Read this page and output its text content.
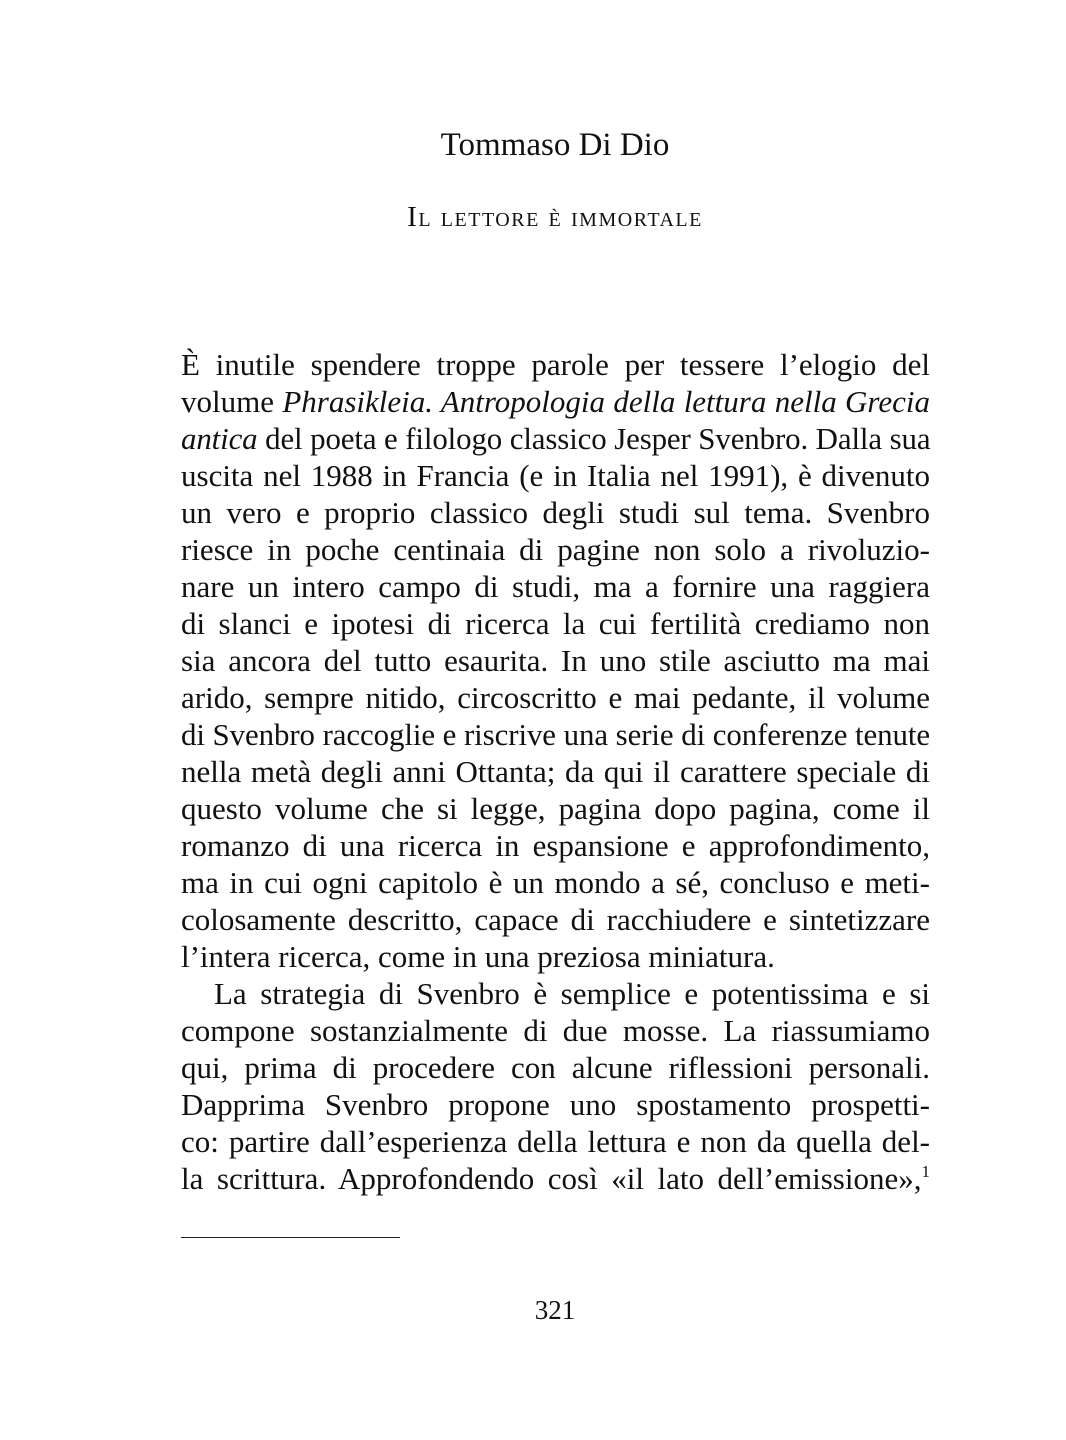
Tommaso Di Dio
Il lettore è immortale
È inutile spendere troppe parole per tessere l’elogio del
volume Phrasikleia. Antropologia della lettura nella Grecia
antica del poeta e filologo classico Jesper Svenbro. Dalla sua
uscita nel 1988 in Francia (e in Italia nel 1991), è divenuto
un vero e proprio classico degli studi sul tema. Svenbro
riesce in poche centinaia di pagine non solo a rivoluzio-
nare un intero campo di studi, ma a fornire una raggiera
di slanci e ipotesi di ricerca la cui fertilità crediamo non
sia ancora del tutto esaurita. In uno stile asciutto ma mai
arido, sempre nitido, circoscritto e mai pedante, il volume
di Svenbro raccoglie e riscrive una serie di conferenze tenute
nella metà degli anni Ottanta; da qui il carattere speciale di
questo volume che si legge, pagina dopo pagina, come il
romanzo di una ricerca in espansione e approfondimento,
ma in cui ogni capitolo è un mondo a sé, concluso e meti-
colosamente descritto, capace di racchiudere e sintetizzare
l’intera ricerca, come in una preziosa miniatura.
La strategia di Svenbro è semplice e potentissima e si
compone sostanzialmente di due mosse. La riassumiamo
qui, prima di procedere con alcune riflessioni personali.
Dapprima Svenbro propone uno spostamento prospetti-
co: partire dall’esperienza della lettura e non da quella del-
la scrittura. Approfondendo così «il lato dell’emissione»,$^1$
321
